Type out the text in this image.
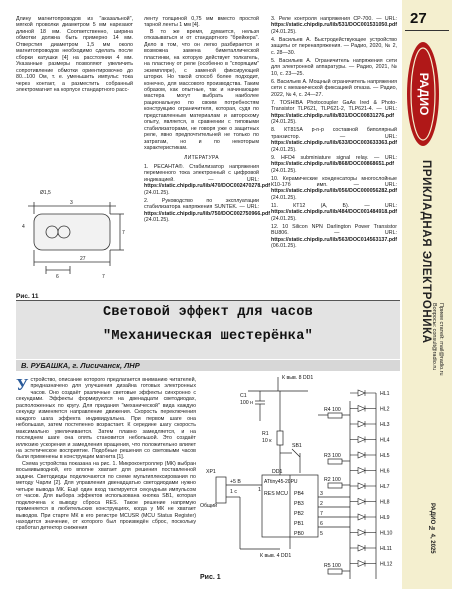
27
РАДИО
ПРИКЛАДНАЯ ЭЛЕКТРОНИКА	Прием статей: mail@radio.ru
Вопросы: consult@radio.ru
РАДИО № 4, 2025

Длину магнитопроводов из "аказальной", мягкой проволки диаметром 5 мм нарезают длиной 18 мм. Соответственно, ширина обмотки должна быть примерно 14 мм. Отверстия диаметром 1,5 мм около магнитопроводов необходимо сделать после сборки катушки [4] на расстоянии 4 мм. Указанные размеры позволяют увеличить сопротивление обмотки ориентировочно до 80...100 Ом, т. е. уменьшить импульс тока через контакт, а разместить собранный электромагнит на корпусе стандартного расс-

3
27
7
6
4
7
Ø1,5
Рис. 11

ленту толщиной 0,75 мм вместо простой тарной ленты 1 мм [4].

В то же время, думается, нельзя отказываться и от стандартного "брейкера". Дело в том, что он легко разбирается и возможна замена биметаллической пластинки, на которую действует толкатель, на пластину от реле (особенно в "спорящим" экземпляре), с заменой фиксирующей шторки. Но такой способ более подходит, конечно, для массового производства. Таким образом, как опытные, так и начинающие мастера могут выбрать наиболее рациональную по своим потребностям конструкцию ограничителя, которая, судя по представленным материалам и авторскому опыту, является, в сравнении с типовыми стабилизаторами, не говоря уже о защитных реле, явно предпочтительней не только по затратам, но и по некоторым характеристикам.

ЛИТЕРАТУРА

1. РЕСАНТА®. Стабилизатор напряжения переменного тока электронный с цифровой индикацией. — URL: https://static.chipdip.ru/lib/470/DOC002470278.pdf (24.01.25).

2. Руководство по эксплуатации стабилизатора напряжения SUNTEK. — URL: https://static.chipdip.ru/lib/750/DOC002750966.pdf (24.01.25).

3. Реле контроля напряжения СР-700. — URL: https://static.chipdip.ru/lib/531/DOC001531050.pdf (24.01.25).

4. Васильев А. Быстродействующее устройство защиты от перенапряжения. — Радио, 2020, № 2, с. 28—30.

5. Васильев А. Ограничитель напряжения сети для электронной аппаратуры. — Радио, 2021, № 10, с. 23—25.

6. Васильев А. Мощный ограничитель напряжения сети с механической фиксацией отказа. — Радио, 2022, № 4, с. 24—27.

7. TOSHIBA Photocoupler GaAs Ired & Photo-Transistor TLP621, TLP621-2, TLP621-4. — URL: https://static.chipdip.ru/lib/831/DOC00831276.pdf (24.01.25).

8. КТ815А p-n-p составной биполярный транзистор. — URL: https://static.chipdip.ru/lib/633/DOC003633363.pdf (24.01.25).

9. HFD4 subminiature signal relay. — URL: https://static.chipdip.ru/lib/868/DOC00868651.pdf (24.01.25).

10. Керамические конденсаторы многослойные К10-17б имп. — URL: https://static.chipdip.ru/lib/056/DOC000056282.pdf (24.01.25).

11. КТ12 (А, Б). — URL: https://static.chipdip.ru/lib/484/DOC001484918.pdf (24.01.25).

12. 10 Silicon NPN Darlington Power Transistor BU806. — URL: https://static.chipdip.ru/lib/563/DOC014563137.pdf (06.01.25).

Световой эффект для часов
"Механическая шестерёнка"
В. РУБАШКА, г. Лисичанск, ЛНР

Устройство, описание которого предлагается вниманию читателей, предназначено для улучшения дизайна готовых электронных часов. Оно создаёт различные световые эффекты синхронно с секундами. Эффекты формируются на двенадцати светодиодах, расположенных по кругу. Для придания "механической" вида каждую секунду изменяется направление движения. Скорость переключения каждого шага эффекта индивидуальна. При первом шаге она небольшая, затем постепенно возрастает. К середине шагу скорость максимально увеличивается. Затем плавно замедляется, и на последнем шаге она опять становится небольшой. Это создаёт иллюзию ускорения и замедления вращения, что положительно влияет на эстетическое восприятие. Подобные решения со световыми часов были применены в конструкции магнита [1].

Схема устройства показана на рис. 1. Микроконтроллер (МК) выбран восьмивыводной, его вполне хватает для решения поставленной задачи. Светодиоды подключаются по схеме мультиплексирования по методу Чарли [2]. Для управления двенадцатью светодиодами нужно четыре вывода МК. Ещё один вход тактируется секундным импульсом от часов. Для выбора эффектов использована кнопка SB1, которая подключена к выводу сброса RES. Такое решение напрямую применяется в любительских конструкциях, когда у МК не хватает выводов. При старте МК в его регистре MCUSR (MCU Status Register) находится значение, от которого был произведён сброс, поскольку сработал детектор снижения

HL1
HL2
HL3
HL4
HL5
HL6
HL7
HL8
HL9
HL10
HL11
HL12
К выв. 8 DD1
C1
100 н
R1
10 к
SB1
XP1
+5 В
1 с
Общий
К выв. 4 DD1
DD1
ATtiny45-20PU
RES MCU PB4
PB3
PB2
PB1
PB0
3
2
7
6
5
1
R4 100
R3 100
R2 100
R5 100
Рис. 1
